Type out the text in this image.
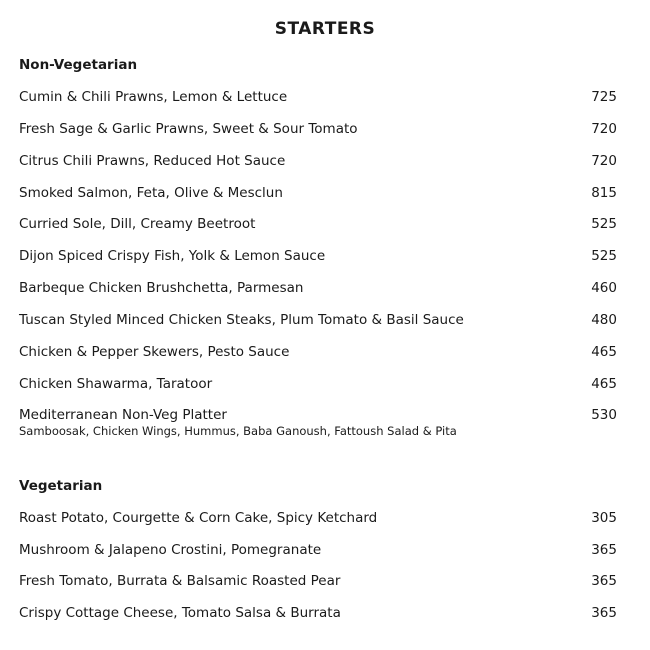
STARTERS
Non-Vegetarian
Cumin & Chili Prawns, Lemon & Lettuce	725
Fresh Sage & Garlic Prawns, Sweet & Sour Tomato	720
Citrus Chili Prawns, Reduced Hot Sauce	720
Smoked Salmon, Feta, Olive & Mesclun	815
Curried Sole, Dill, Creamy Beetroot	525
Dijon Spiced Crispy Fish, Yolk & Lemon Sauce	525
Barbeque Chicken Brushchetta, Parmesan	460
Tuscan Styled Minced Chicken Steaks, Plum Tomato & Basil Sauce	480
Chicken & Pepper Skewers, Pesto Sauce	465
Chicken Shawarma, Taratoor	465
Mediterranean Non-Veg Platter	530
Samboosak, Chicken Wings, Hummus, Baba Ganoush, Fattoush Salad & Pita
Vegetarian
Roast Potato, Courgette & Corn Cake, Spicy Ketchard	305
Mushroom & Jalapeno Crostini, Pomegranate	365
Fresh Tomato, Burrata & Balsamic Roasted Pear	365
Crispy Cottage Cheese, Tomato Salsa & Burrata	365
